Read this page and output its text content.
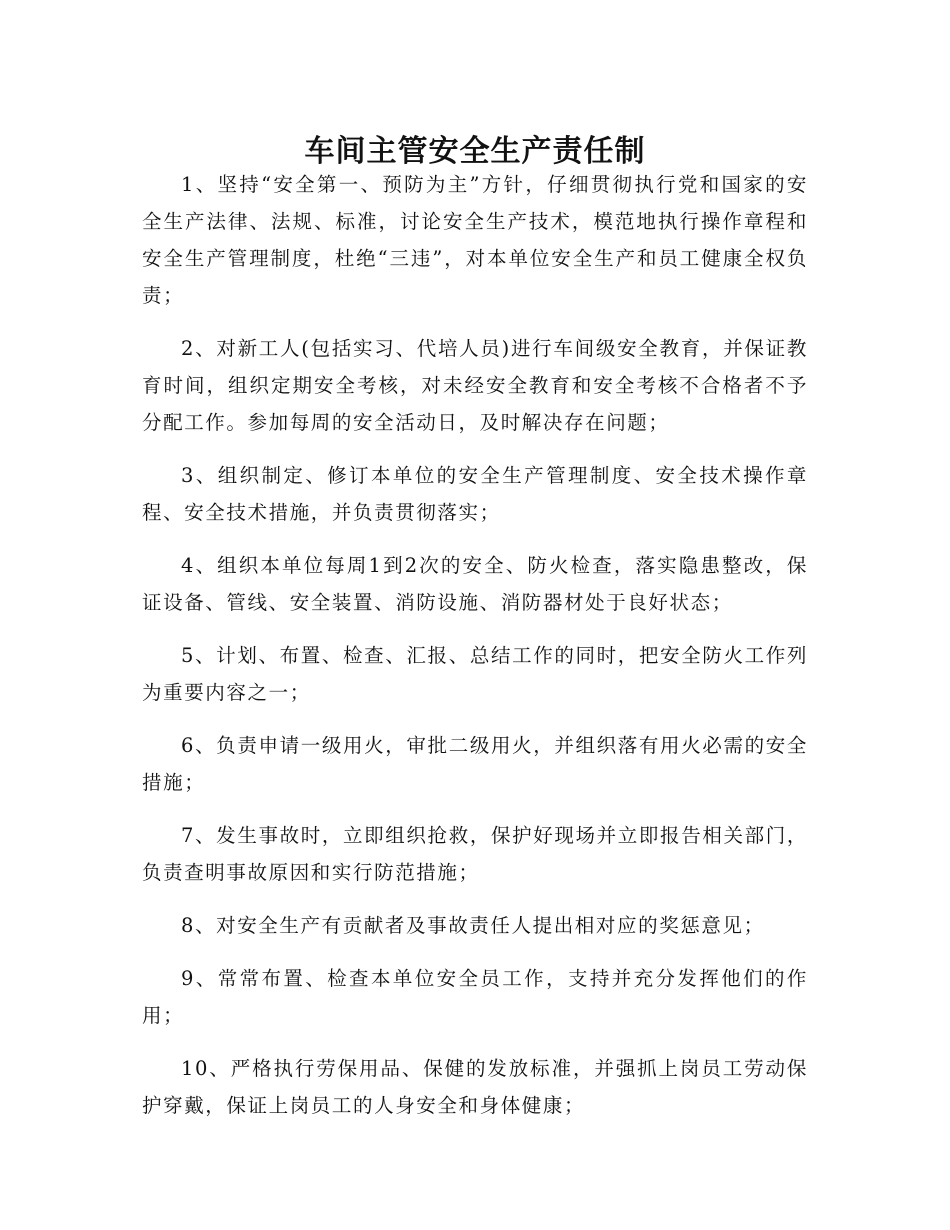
车间主管安全生产责任制

1、坚持“安全第一、预防为主”方针，仔细贯彻执行党和国家的安全生产法律、法规、标准，讨论安全生产技术，模范地执行操作章程和安全生产管理制度，杜绝“三违”，对本单位安全生产和员工健康全权负责；

2、对新工人(包括实习、代培人员)进行车间级安全教育，并保证教育时间，组织定期安全考核，对未经安全教育和安全考核不合格者不予分配工作。参加每周的安全活动日，及时解决存在问题；

3、组织制定、修订本单位的安全生产管理制度、安全技术操作章程、安全技术措施，并负责贯彻落实；

4、组织本单位每周1到2次的安全、防火检查，落实隐患整改，保证设备、管线、安全装置、消防设施、消防器材处于良好状态；

5、计划、布置、检查、汇报、总结工作的同时，把安全防火工作列为重要内容之一；

6、负责申请一级用火，审批二级用火，并组织落有用火必需的安全措施；

7、发生事故时，立即组织抢救，保护好现场并立即报告相关部门，负责查明事故原因和实行防范措施；

8、对安全生产有贡献者及事故责任人提出相对应的奖惩意见；

9、常常布置、检查本单位安全员工作，支持并充分发挥他们的作用；

10、严格执行劳保用品、保健的发放标准，并强抓上岗员工劳动保护穿戴，保证上岗员工的人身安全和身体健康；
